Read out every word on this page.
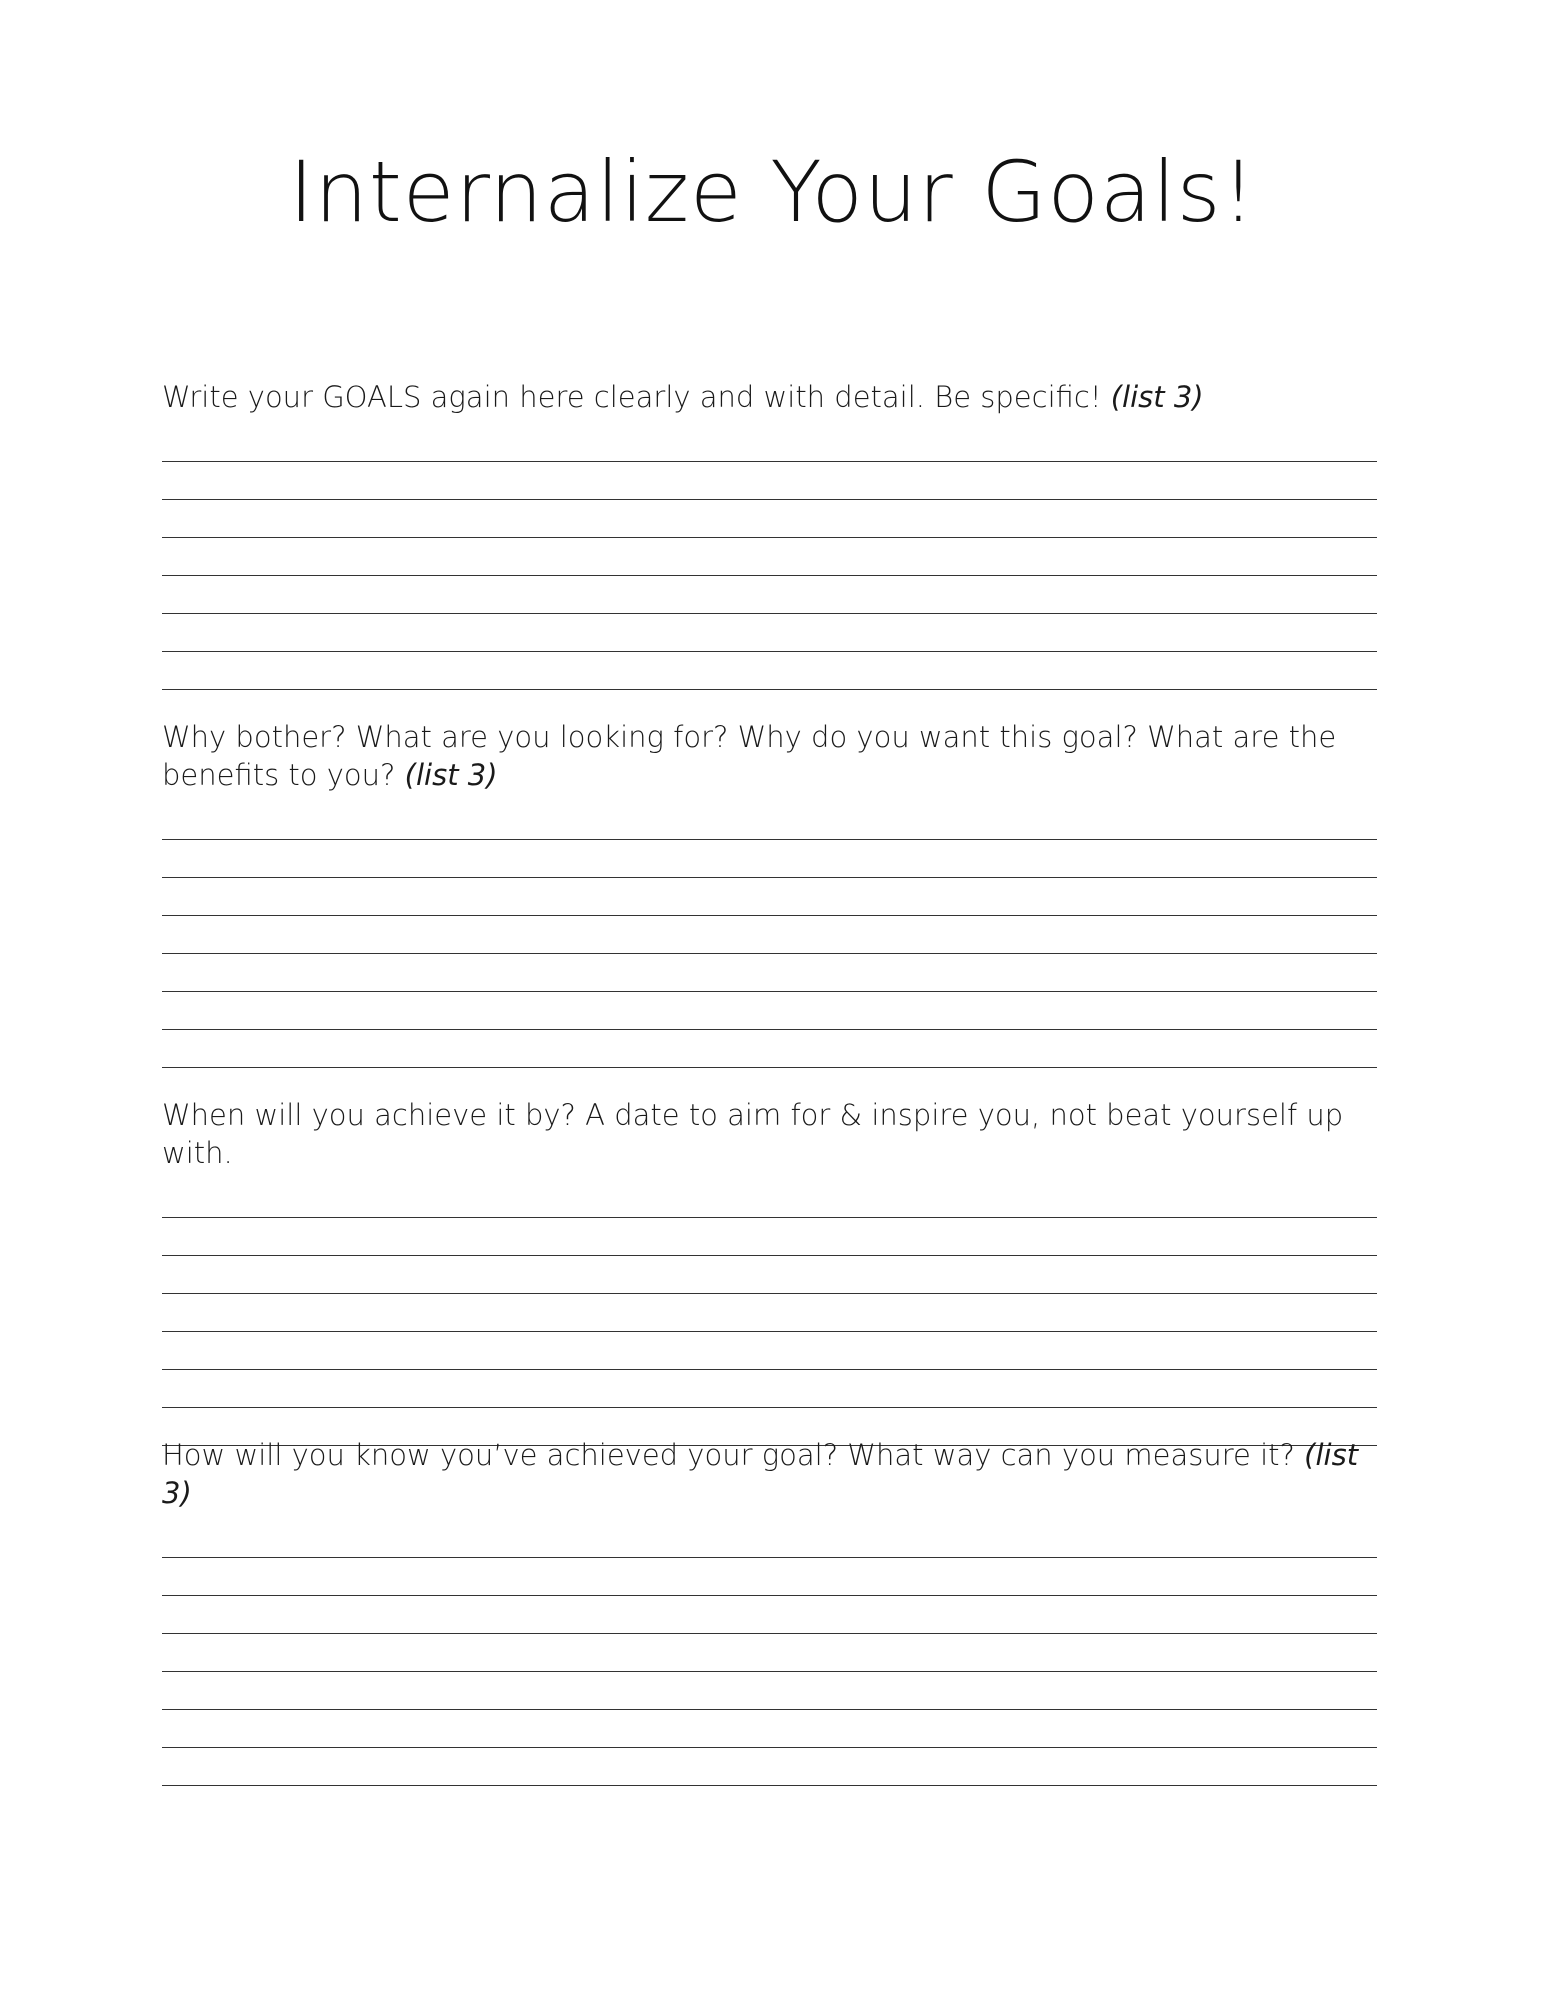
Internalize Your Goals!

Write your GOALS again here clearly and with detail. Be specific! (list 3)

Why bother? What are you looking for? Why do you want this goal? What are the benefits to you? (list 3)

When will you achieve it by? A date to aim for & inspire you, not beat yourself up with.

How will you know you’ve achieved your goal? What way can you measure it? (list 3)
